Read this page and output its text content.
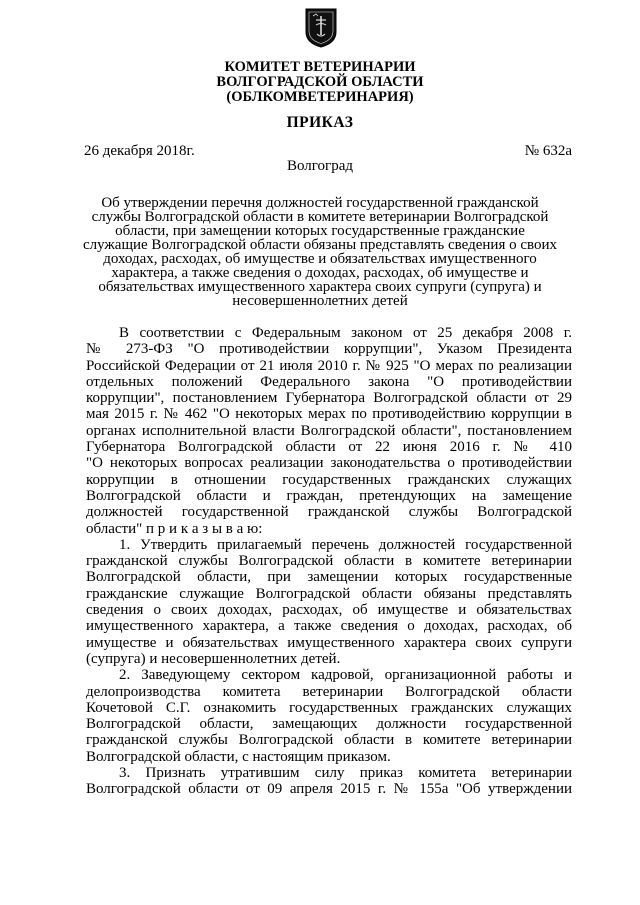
КОМИТЕТ ВЕТЕРИНАРИИ
ВОЛГОГРАДСКОЙ ОБЛАСТИ
(ОБЛКОМВЕТЕРИНАРИЯ)
ПРИКАЗ
26 декабря 2018г.	№ 632а
Волгоград
Об утверждении перечня должностей государственной гражданской
службы Волгоградской области в комитете ветеринарии Волгоградской
области, при замещении которых государственные гражданские
служащие Волгоградской области обязаны представлять сведения о своих
доходах, расходах, об имуществе и обязательствах имущественного
характера, а также сведения о доходах, расходах, об имуществе и
обязательствах имущественного характера своих супруги (супруга) и
несовершеннолетних детей
В соответствии с Федеральным законом от 25 декабря 2008 г.
№ 273-ФЗ "О противодействии коррупции", Указом Президента
Российской Федерации от 21 июля 2010 г. № 925 "О мерах по реализации
отдельных положений Федерального закона "О противодействии
коррупции", постановлением Губернатора Волгоградской области от 29
мая 2015 г. № 462 "О некоторых мерах по противодействию коррупции в
органах исполнительной власти Волгоградской области", постановлением
Губернатора Волгоградской области от 22 июня 2016 г. № 410
"О некоторых вопросах реализации законодательства о противодействии
коррупции в отношении государственных гражданских служащих
Волгоградской области и граждан, претендующих на замещение
должностей государственной гражданской службы Волгоградской
области" п р и к а з ы в а ю:
1. Утвердить прилагаемый перечень должностей государственной
гражданской службы Волгоградской области в комитете ветеринарии
Волгоградской области, при замещении которых государственные
гражданские служащие Волгоградской области обязаны представлять
сведения о своих доходах, расходах, об имуществе и обязательствах
имущественного характера, а также сведения о доходах, расходах, об
имуществе и обязательствах имущественного характера своих супруги
(супруга) и несовершеннолетних детей.
2. Заведующему сектором кадровой, организационной работы и
делопроизводства комитета ветеринарии Волгоградской области
Кочетовой С.Г. ознакомить государственных гражданских служащих
Волгоградской области, замещающих должности государственной
гражданской службы Волгоградской области в комитете ветеринарии
Волгоградской области, с настоящим приказом.
3. Признать утратившим силу приказ комитета ветеринарии
Волгоградской области от 09 апреля 2015 г. № 155а "Об утверждении
